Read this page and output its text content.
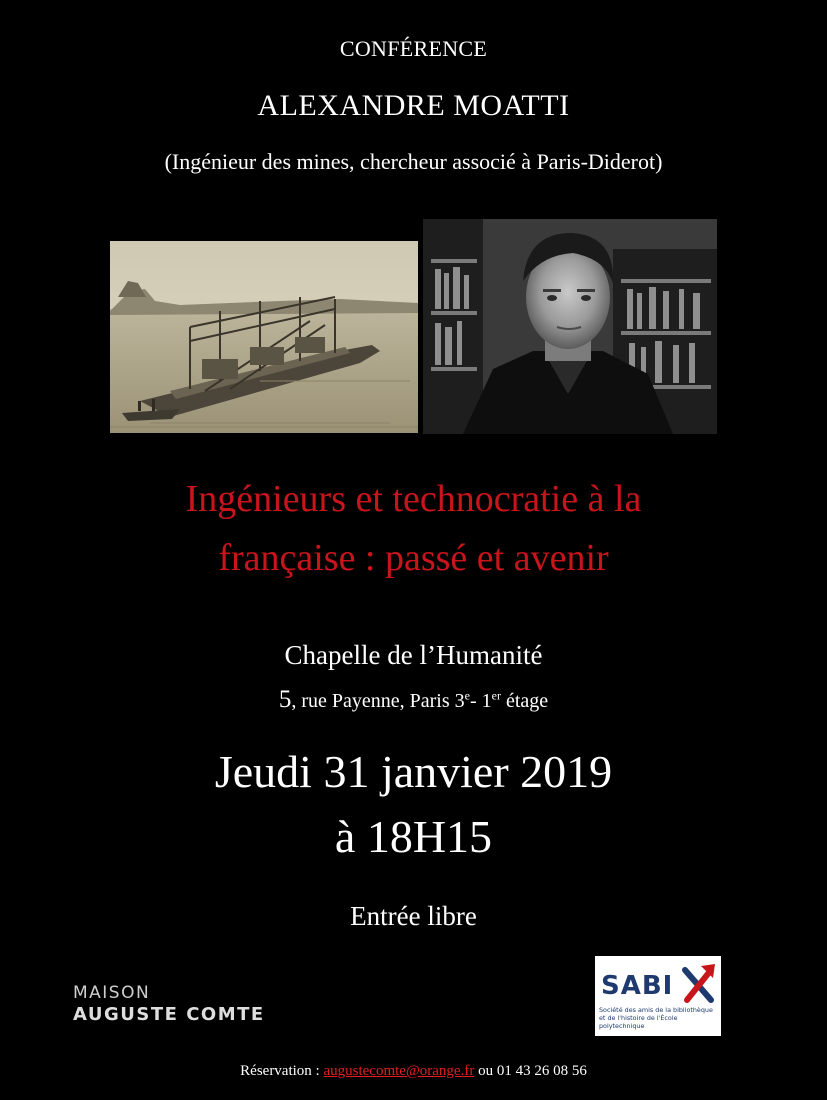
CONFÉRENCE
ALEXANDRE MOATTI
(Ingénieur des mines, chercheur associé à Paris-Diderot)
Ingénieurs et technocratie à la
française : passé et avenir
Chapelle de l’Humanité
5, rue Payenne, Paris 3e- 1er étage
Jeudi 31 janvier 2019
à 18H15
Entrée libre
MAISON
AUGUSTE COMTE
SABI
Société des amis de la bibliothèque et de l'histoire de l'École polytechnique
Réservation : augustecomte@orange.fr ou 01 43 26 08 56
